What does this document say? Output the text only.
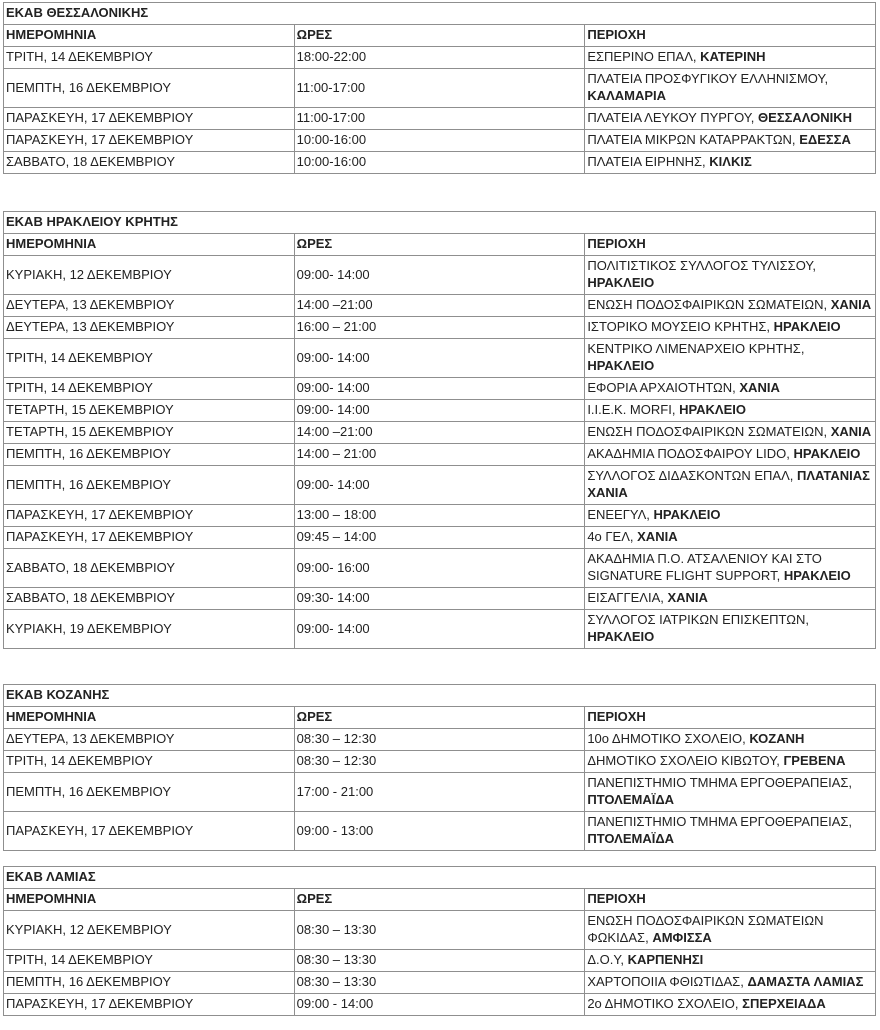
ΕΚΑΒ ΘΕΣΣΑΛΟΝΙΚΗΣ		
ΗΜΕΡΟΜΗΝΙΑ	ΩΡΕΣ	ΠΕΡΙΟΧΗ
ΤΡΙΤΗ, 14 ΔΕΚΕΜΒΡΙΟΥ	18:00-22:00	ΕΣΠΕΡΙΝΟ ΕΠΑΛ, ΚΑΤΕΡΙΝΗ
ΠΕΜΠΤΗ, 16 ΔΕΚΕΜΒΡΙΟΥ	11:00-17:00	ΠΛΑΤΕΙΑ ΠΡΟΣΦΥΓΙΚΟΥ ΕΛΛΗΝΙΣΜΟΥ, ΚΑΛΑΜΑΡΙΑ
ΠΑΡΑΣΚΕΥΗ, 17 ΔΕΚΕΜΒΡΙΟΥ	11:00-17:00	ΠΛΑΤΕΙΑ ΛΕΥΚΟΥ ΠΥΡΓΟΥ, ΘΕΣΣΑΛΟΝΙΚΗ
ΠΑΡΑΣΚΕΥΗ, 17 ΔΕΚΕΜΒΡΙΟΥ	10:00-16:00	ΠΛΑΤΕΙΑ ΜΙΚΡΩΝ ΚΑΤΑΡΡΑΚΤΩΝ, ΕΔΕΣΣΑ
ΣΑΒΒΑΤΟ, 18 ΔΕΚΕΜΒΡΙΟΥ	10:00-16:00	ΠΛΑΤΕΙΑ ΕΙΡΗΝΗΣ, ΚΙΛΚΙΣ
ΕΚΑΒ ΗΡΑΚΛΕΙΟΥ ΚΡΗΤΗΣ		
ΗΜΕΡΟΜΗΝΙΑ	ΩΡΕΣ	ΠΕΡΙΟΧΗ
ΚΥΡΙΑΚΗ, 12 ΔΕΚΕΜΒΡΙΟΥ	09:00- 14:00	ΠΟΛΙΤΙΣΤΙΚΟΣ ΣΥΛΛΟΓΟΣ ΤΥΛΙΣΣΟΥ, ΗΡΑΚΛΕΙΟ
ΔΕΥΤΕΡΑ, 13 ΔΕΚΕΜΒΡΙΟΥ	14:00 –21:00	ΕΝΩΣΗ ΠΟΔΟΣΦΑΙΡΙΚΩΝ ΣΩΜΑΤΕΙΩΝ, ΧΑΝΙΑ
ΔΕΥΤΕΡΑ, 13 ΔΕΚΕΜΒΡΙΟΥ	16:00 – 21:00	ΙΣΤΟΡΙΚΟ ΜΟΥΣΕΙΟ ΚΡΗΤΗΣ, ΗΡΑΚΛΕΙΟ
ΤΡΙΤΗ, 14 ΔΕΚΕΜΒΡΙΟΥ	09:00- 14:00	ΚΕΝΤΡΙΚΟ ΛΙΜΕΝΑΡΧΕΙΟ ΚΡΗΤΗΣ, ΗΡΑΚΛΕΙΟ
ΤΡΙΤΗ, 14 ΔΕΚΕΜΒΡΙΟΥ	09:00- 14:00	ΕΦΟΡΙΑ ΑΡΧΑΙΟΤΗΤΩΝ, ΧΑΝΙΑ
ΤΕΤΑΡΤΗ, 15 ΔΕΚΕΜΒΡΙΟΥ	09:00- 14:00	Ι.Ι.Ε.Κ. MORFI, ΗΡΑΚΛΕΙΟ
ΤΕΤΑΡΤΗ, 15 ΔΕΚΕΜΒΡΙΟΥ	14:00 –21:00	ΕΝΩΣΗ ΠΟΔΟΣΦΑΙΡΙΚΩΝ ΣΩΜΑΤΕΙΩΝ, ΧΑΝΙΑ
ΠΕΜΠΤΗ, 16 ΔΕΚΕΜΒΡΙΟΥ	14:00 – 21:00	ΑΚΑΔΗΜΙΑ ΠΟΔΟΣΦΑΙΡΟΥ LIDO, ΗΡΑΚΛΕΙΟ
ΠΕΜΠΤΗ, 16 ΔΕΚΕΜΒΡΙΟΥ	09:00- 14:00	ΣΥΛΛΟΓΟΣ ΔΙΔΑΣΚΟΝΤΩΝ ΕΠΑΛ, ΠΛΑΤΑΝΙΑΣ ΧΑΝΙΑ
ΠΑΡΑΣΚΕΥΗ, 17 ΔΕΚΕΜΒΡΙΟΥ	13:00 – 18:00	ΕΝΕΕΓΥΛ, ΗΡΑΚΛΕΙΟ
ΠΑΡΑΣΚΕΥΗ, 17 ΔΕΚΕΜΒΡΙΟΥ	09:45 – 14:00	4ο ΓΕΛ, ΧΑΝΙΑ
ΣΑΒΒΑΤΟ, 18 ΔΕΚΕΜΒΡΙΟΥ	09:00- 16:00	ΑΚΑΔΗΜΙΑ Π.Ο. ΑΤΣΑΛΕΝΙΟΥ ΚΑΙ ΣΤΟ SIGNATURE FLIGHT SUPPORT, ΗΡΑΚΛΕΙΟ
ΣΑΒΒΑΤΟ, 18 ΔΕΚΕΜΒΡΙΟΥ	09:30- 14:00	ΕΙΣΑΓΓΕΛΙΑ, ΧΑΝΙΑ
ΚΥΡΙΑΚΗ, 19 ΔΕΚΕΜΒΡΙΟΥ	09:00- 14:00	ΣΥΛΛΟΓΟΣ ΙΑΤΡΙΚΩΝ ΕΠΙΣΚΕΠΤΩΝ, ΗΡΑΚΛΕΙΟ
ΕΚΑΒ ΚΟΖΑΝΗΣ		
ΗΜΕΡΟΜΗΝΙΑ	ΩΡΕΣ	ΠΕΡΙΟΧΗ
ΔΕΥΤΕΡΑ, 13 ΔΕΚΕΜΒΡΙΟΥ	08:30 – 12:30	10ο ΔΗΜΟΤΙΚΟ ΣΧΟΛΕΙΟ, ΚΟΖΑΝΗ
ΤΡΙΤΗ, 14 ΔΕΚΕΜΒΡΙΟΥ	08:30 – 12:30	ΔΗΜΟΤΙΚΟ ΣΧΟΛΕΙΟ ΚΙΒΩΤΟΥ, ΓΡΕΒΕΝΑ
ΠΕΜΠΤΗ, 16 ΔΕΚΕΜΒΡΙΟΥ	17:00 - 21:00	ΠΑΝΕΠΙΣΤΗΜΙΟ ΤΜΗΜΑ ΕΡΓΟΘΕΡΑΠΕΙΑΣ, ΠΤΟΛΕΜΑΪΔΑ
ΠΑΡΑΣΚΕΥΗ, 17 ΔΕΚΕΜΒΡΙΟΥ	09:00 - 13:00	ΠΑΝΕΠΙΣΤΗΜΙΟ ΤΜΗΜΑ ΕΡΓΟΘΕΡΑΠΕΙΑΣ, ΠΤΟΛΕΜΑΪΔΑ
ΕΚΑΒ ΛΑΜΙΑΣ		
ΗΜΕΡΟΜΗΝΙΑ	ΩΡΕΣ	ΠΕΡΙΟΧΗ
ΚΥΡΙΑΚΗ, 12 ΔΕΚΕΜΒΡΙΟΥ	08:30 – 13:30	ΕΝΩΣΗ ΠΟΔΟΣΦΑΙΡΙΚΩΝ ΣΩΜΑΤΕΙΩΝ ΦΩΚΙΔΑΣ, ΑΜΦΙΣΣΑ
ΤΡΙΤΗ, 14 ΔΕΚΕΜΒΡΙΟΥ	08:30 – 13:30	Δ.Ο.Υ, ΚΑΡΠΕΝΗΣΙ
ΠΕΜΠΤΗ, 16 ΔΕΚΕΜΒΡΙΟΥ	08:30 – 13:30	ΧΑΡΤΟΠΟΙΙΑ ΦΘΙΩΤΙΔΑΣ, ΔΑΜΑΣΤΑ ΛΑΜΙΑΣ
ΠΑΡΑΣΚΕΥΗ, 17 ΔΕΚΕΜΒΡΙΟΥ	09:00 - 14:00	2ο ΔΗΜΟΤΙΚΟ ΣΧΟΛΕΙΟ, ΣΠΕΡΧΕΙΑΔΑ
